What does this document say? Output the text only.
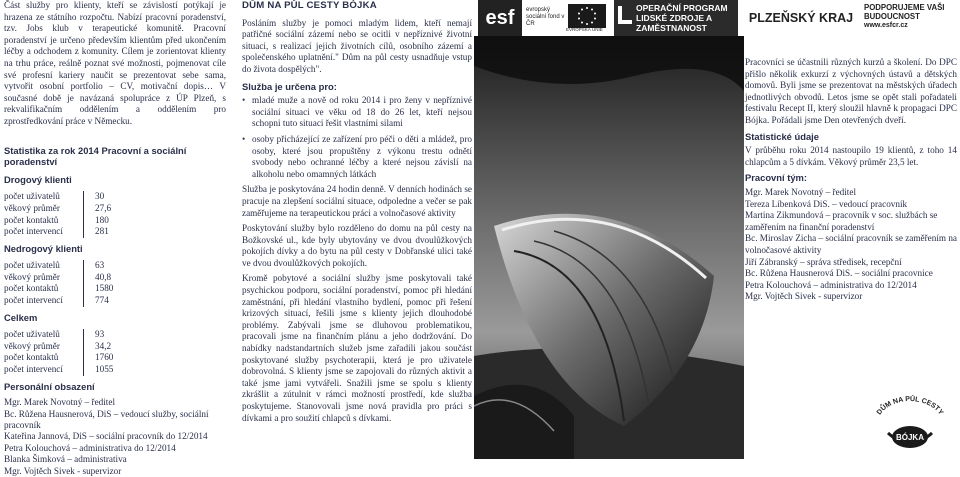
Část služby pro klienty, kteří se závislostí potýkají je hrazena ze státního rozpočtu. Nabízí pracovní poradenství, tzv. Jobs klub v terapeutické komunitě. Pracovní poradenství je určeno především klientům před ukončením léčby a odchodem z komunity. Cílem je zorientovat klienty na trhu práce, reálně poznat své možnosti, pojmenovat cíle své profesní kariery naučit se prezentovat sebe sama, vytvořit osobní portfolio – CV, motivační dopis… V současné době je navázaná spolupráce z ÚP Plzeň, s rekvalifikačním oddělením a oddělením pro zprostředkování práce v Německu.

Statistika za rok 2014 Pracovní a sociální poradenství
Drogový klienti
počet uživatelů	30
věkový průměr	27,6
počet kontaktů	180
počet intervencí	281
Nedrogový klienti
počet uživatelů	63
věkový průměr	40,8
počet kontaktů	1580
počet intervencí	774
Celkem
počet uživatelů	93
věkový průměr	34,2
počet kontaktů	1760
počet intervencí	1055
Personální obsazení
Mgr. Marek Novotný – ředitel
Bc. Růžena Hausnerová, DiS – vedoucí služby, sociální pracovník
Kateřina Jannová, DiS – sociální pracovník do 12/2014
Petra Kolouchová – administrativa do 12/2014
Blanka Šimková – administrativa
Mgr. Vojtěch Sivek - supervizor
DŮM NA PŮL CESTY BÓJKA

Posláním služby je pomoci mladým lidem, kteří nemají patřičné sociální zázemí nebo se ocitli v nepříznivé životní situaci, s realizací jejich životních cílů, osobního zázemí a společenského uplatnění." Dům na půl cesty usnadňuje vstup do života dospělých".

Služba je určena pro:
• mladé muže a nově od roku 2014 i pro ženy v nepříznivé sociální situaci ve věku od 18 do 26 let, kteří nejsou schopni tuto situaci řešit vlastními silami
• osoby přicházející ze zařízení pro péči o děti a mládež, pro osoby, které jsou propuštěny z výkonu trestu odnětí svobody nebo ochranné léčby a které nejsou závislí na alkoholu nebo omamných látkách

Služba je poskytována 24 hodin denně. V denních hodinách se pracuje na zlepšení sociální situace, odpoledne a večer se pak zaměřujeme na terapeutickou práci a volnočasové aktivity

Poskytování služby bylo rozděleno do domu na půl cesty na Božkovské ul., kde byly ubytovány ve dvou dvoulůžkových pokojích dívky a do bytu na půl cesty v Dobřanské ulici také ve dvou dvoulůžkových pokojích.

Kromě pobytové a sociální služby jsme poskytovali také psychickou podporu, sociální poradenství, pomoc při hledání zaměstnání, při hledání vlastního bydlení, pomoc při řešení krizových situací, řešili jsme s klienty jejich dlouhodobé problémy. Zabývali jsme se dluhovou problematikou, pracovali jsme na finančním plánu a jeho dodržování. Do nabídky nadstandartních služeb jsme zařadili jakou součást poskytované služby psychoterapii, která je pro uživatele dobrovolná. S klienty jsme se zapojovali do různých aktivit a také jsme jami vytvářeli. Snažili jsme se spolu s klienty zkrášlit a zútulnit v rámci možností prostředí, kde služba poskytujeme. Stanovovali jsme nová pravidla pro práci s dívkami a pro soužití chlapců s dívkami.

esf	evropský sociální fond v ČR
EVROPSKÁ UNIE
OPERAČNÍ PROGRAM LIDSKÉ ZDROJE A ZAMĚSTNANOST
PLZEŇSKÝ KRAJ
PODPORUJEME VAŠI BUDOUCNOST
www.esfcr.cz

Pracovníci se účastnili různých kurzů a školení. Do DPC přišlo několik exkurzí z výchovných ústavů a dětských domovů. Byli jsme se prezentovat na městských úřadech jednotlivých obvodů. Letos jsme se opět stali pořadateli festivalu Recept II, který sloužil hlavně k propagaci DPC Bójka. Pořádali jsme Den otevřených dveří.

Statistické údaje

V průběhu roku 2014 nastoupilo 19 klientů, z toho 14 chlapcům a 5 dívkám. Věkový průměr 23,5 let.

Pracovní tým:
Mgr. Marek Novotný – ředitel
Tereza Líbenková DiS. – vedoucí pracovník
Martina Zikmundová – pracovník v soc. službách se zaměřením na finanční poradenství
Bc. Miroslav Zicha – sociální pracovník se zaměřením na volnočasové aktivity
Jiří Zábranský – správa středisek, recepční
Bc. Růžena Hausnerová DiS. – sociální pracovnice
Petra Kolouchová – administrativa do 12/2014
Mgr. Vojtěch Sivek - supervizor
DŮM NA PŮL CESTY
BÓJKA
